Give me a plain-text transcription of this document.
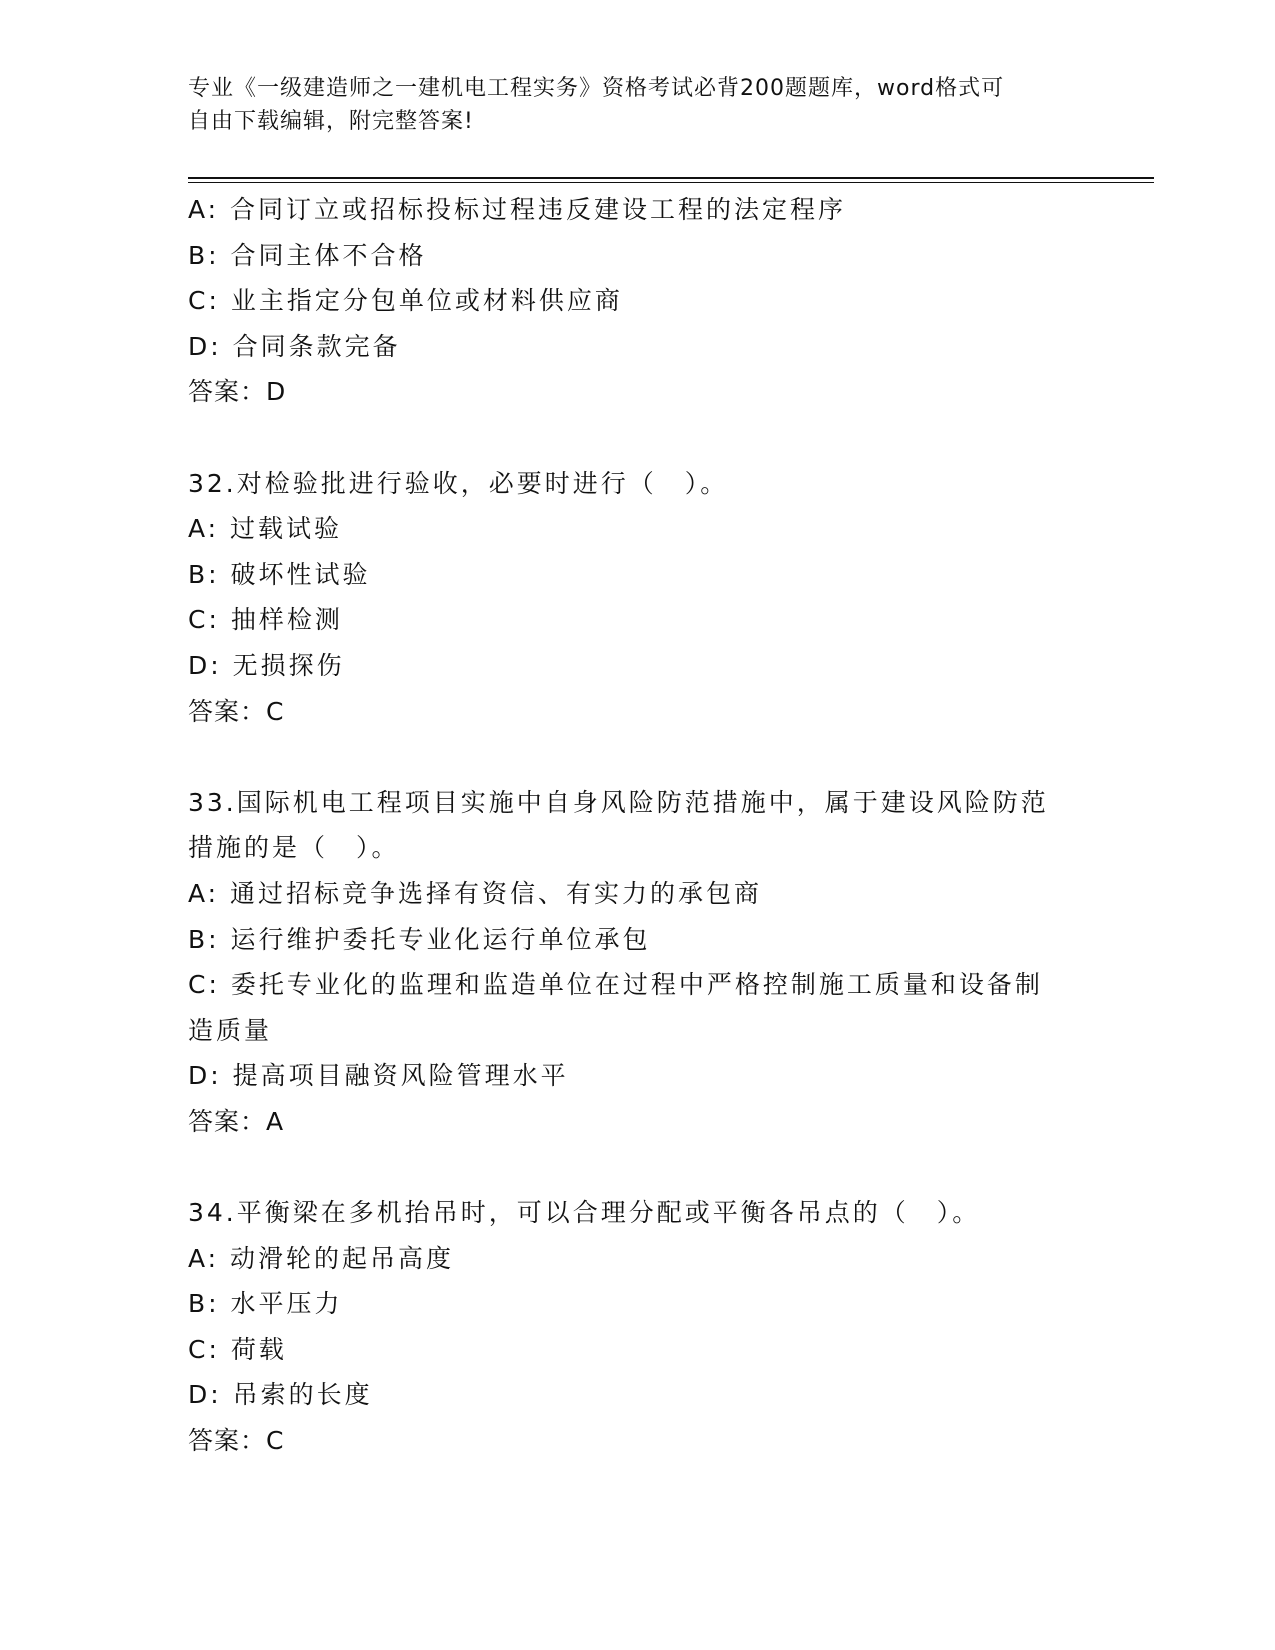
专业《一级建造师之一建机电工程实务》资格考试必背200题题库，word格式可
自由下载编辑，附完整答案!
A: 合同订立或招标投标过程违反建设工程的法定程序
B: 合同主体不合格
C: 业主指定分包单位或材料供应商
D: 合同条款完备
答案：D
32.对检验批进行验收，必要时进行（　）。
A: 过载试验
B: 破坏性试验
C: 抽样检测
D: 无损探伤
答案：C
33.国际机电工程项目实施中自身风险防范措施中，属于建设风险防范
措施的是（　）。
A: 通过招标竞争选择有资信、有实力的承包商
B: 运行维护委托专业化运行单位承包
C: 委托专业化的监理和监造单位在过程中严格控制施工质量和设备制
造质量
D: 提高项目融资风险管理水平
答案：A
34.平衡梁在多机抬吊时，可以合理分配或平衡各吊点的（　）。
A: 动滑轮的起吊高度
B: 水平压力
C: 荷载
D: 吊索的长度
答案：C
